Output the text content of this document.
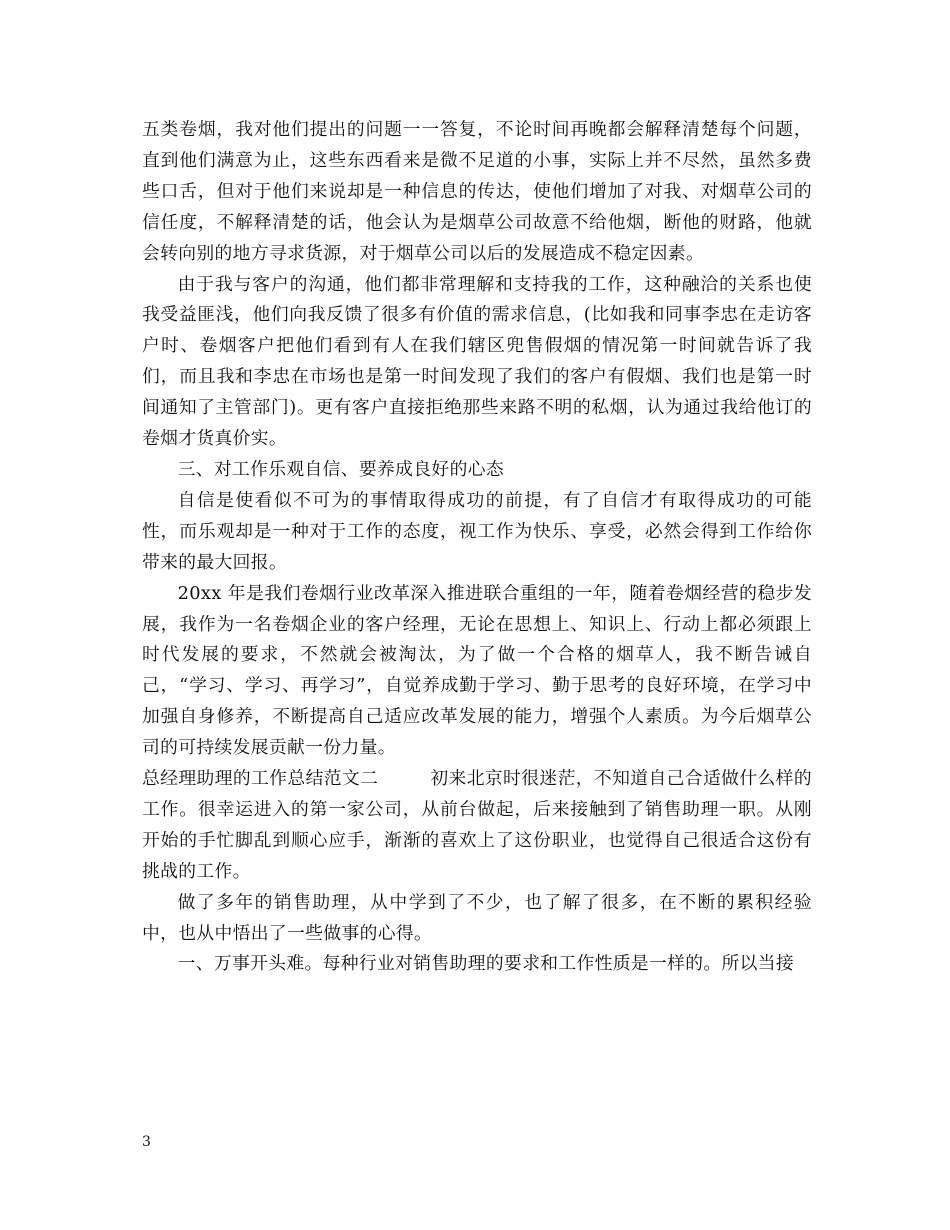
五类卷烟，我对他们提出的问题一一答复，不论时间再晚都会解释清楚每个问题，直到他们满意为止，这些东西看来是微不足道的小事，实际上并不尽然，虽然多费些口舌，但对于他们来说却是一种信息的传达，使他们增加了对我、对烟草公司的信任度，不解释清楚的话，他会认为是烟草公司故意不给他烟，断他的财路，他就会转向别的地方寻求货源，对于烟草公司以后的发展造成不稳定因素。

由于我与客户的沟通，他们都非常理解和支持我的工作，这种融洽的关系也使我受益匪浅，他们向我反馈了很多有价值的需求信息，(比如我和同事李忠在走访客户时、卷烟客户把他们看到有人在我们辖区兜售假烟的情况第一时间就告诉了我们，而且我和李忠在市场也是第一时间发现了我们的客户有假烟、我们也是第一时间通知了主管部门)。更有客户直接拒绝那些来路不明的私烟，认为通过我给他订的卷烟才货真价实。

三、对工作乐观自信、要养成良好的心态

自信是使看似不可为的事情取得成功的前提，有了自信才有取得成功的可能性，而乐观却是一种对于工作的态度，视工作为快乐、享受，必然会得到工作给你带来的最大回报。

20xx 年是我们卷烟行业改革深入推进联合重组的一年，随着卷烟经营的稳步发展，我作为一名卷烟企业的客户经理，无论在思想上、知识上、行动上都必须跟上时代发展的要求，不然就会被淘汰，为了做一个合格的烟草人，我不断告诫自己，“学习、学习、再学习”，自觉养成勤于学习、勤于思考的良好环境，在学习中加强自身修养，不断提高自己适应改革发展的能力，增强个人素质。为今后烟草公司的可持续发展贡献一份力量。

总经理助理的工作总结范文二	初来北京时很迷茫，不知道自己合适做什么样的工作。很幸运进入的第一家公司，从前台做起，后来接触到了销售助理一职。从刚开始的手忙脚乱到顺心应手，渐渐的喜欢上了这份职业，也觉得自己很适合这份有挑战的工作。

做了多年的销售助理，从中学到了不少，也了解了很多，在不断的累积经验中，也从中悟出了一些做事的心得。

一、万事开头难。每种行业对销售助理的要求和工作性质是一样的。所以当接

3
